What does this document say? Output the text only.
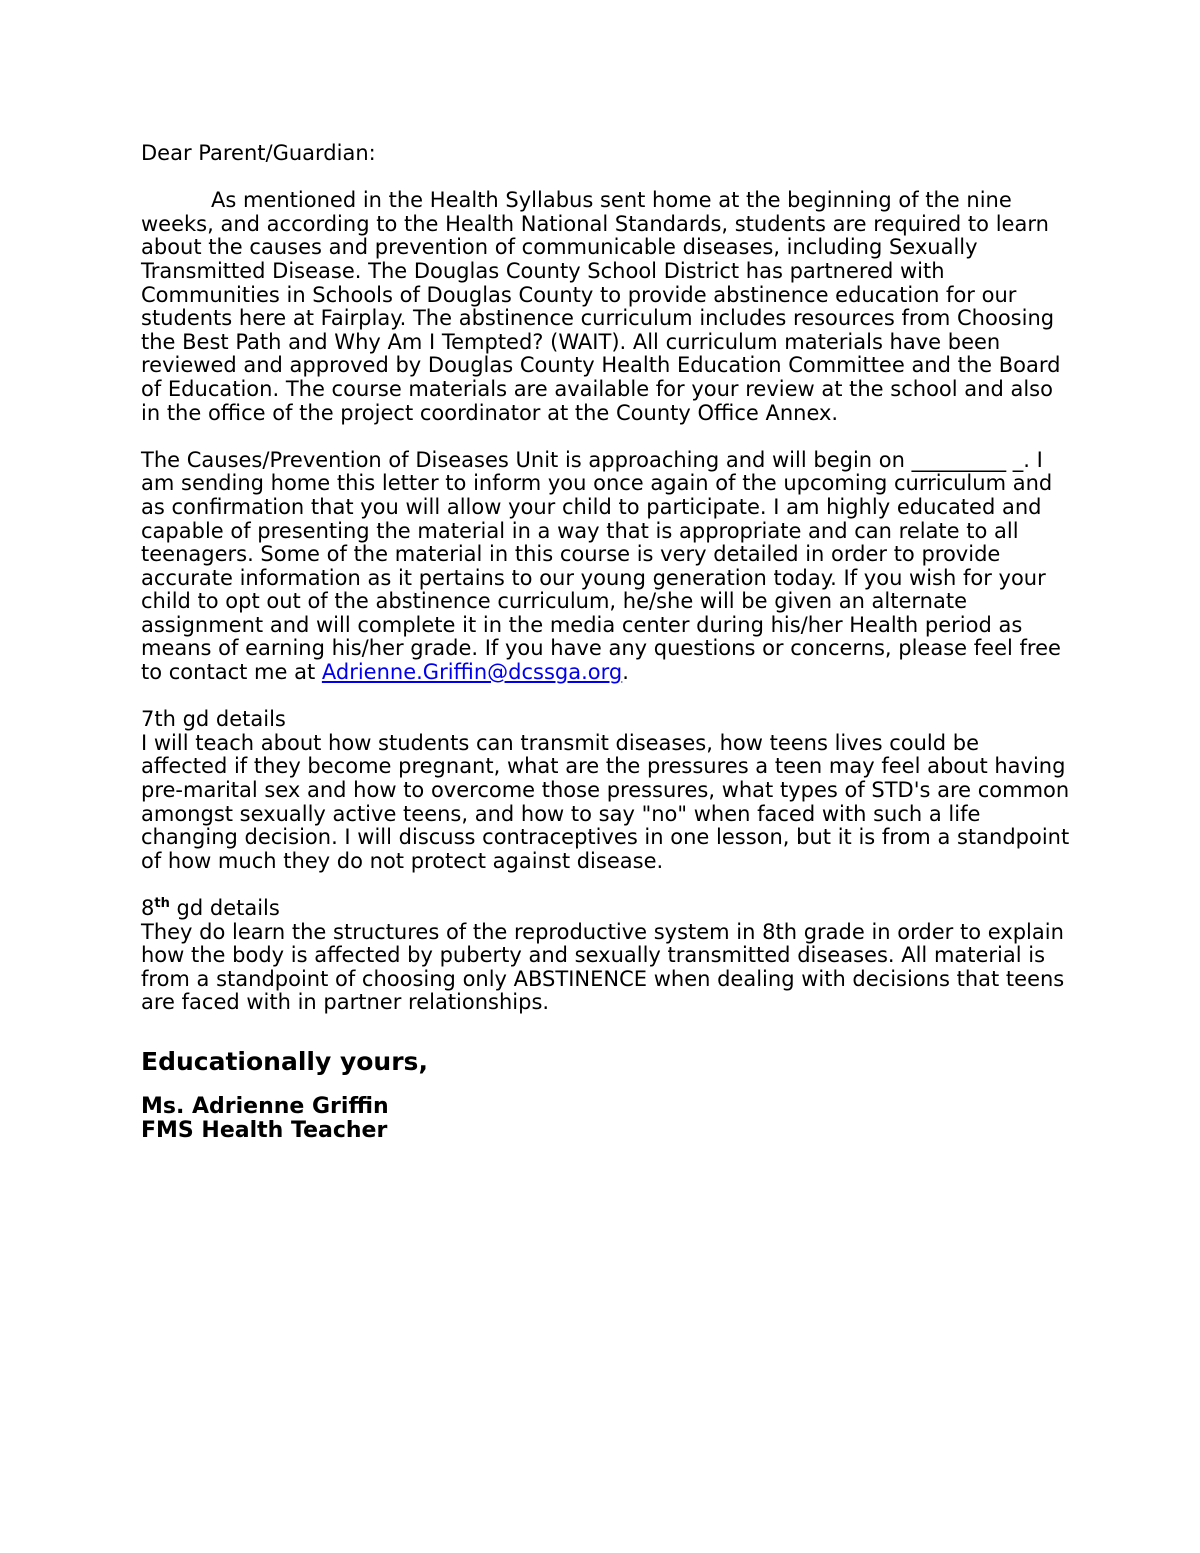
Dear Parent/Guardian:

As mentioned in the Health Syllabus sent home at the beginning of the nine weeks, and according to the Health National Standards, students are required to learn about the causes and prevention of communicable diseases, including Sexually Transmitted Disease. The Douglas County School District has partnered with Communities in Schools of Douglas County to provide abstinence education for our students here at Fairplay. The abstinence curriculum includes resources from Choosing the Best Path and Why Am I Tempted? (WAIT). All curriculum materials have been reviewed and approved by Douglas County Health Education Committee and the Board of Education. The course materials are available for your review at the school and also in the office of the project coordinator at the County Office Annex.

The Causes/Prevention of Diseases Unit is approaching and will begin on _________ _. I am sending home this letter to inform you once again of the upcoming curriculum and as confirmation that you will allow your child to participate. I am highly educated and capable of presenting the material in a way that is appropriate and can relate to all teenagers. Some of the material in this course is very detailed in order to provide accurate information as it pertains to our young generation today. If you wish for your child to opt out of the abstinence curriculum, he/she will be given an alternate assignment and will complete it in the media center during his/her Health period as means of earning his/her grade. If you have any questions or concerns, please feel free to contact me at Adrienne.Griffin@dcssga.org.

7th gd details

I will teach about how students can transmit diseases, how teens lives could be affected if they become pregnant, what are the pressures a teen may feel about having pre-marital sex and how to overcome those pressures, what types of STD's are common amongst sexually active teens, and how to say "no" when faced with such a life changing decision. I will discuss contraceptives in one lesson, but it is from a standpoint of how much they do not protect against disease.

8th gd details

They do learn the structures of the reproductive system in 8th grade in order to explain how the body is affected by puberty and sexually transmitted diseases. All material is from a standpoint of choosing only ABSTINENCE when dealing with decisions that teens are faced with in partner relationships.

Educationally yours,

Ms. Adrienne Griffin

FMS Health Teacher
